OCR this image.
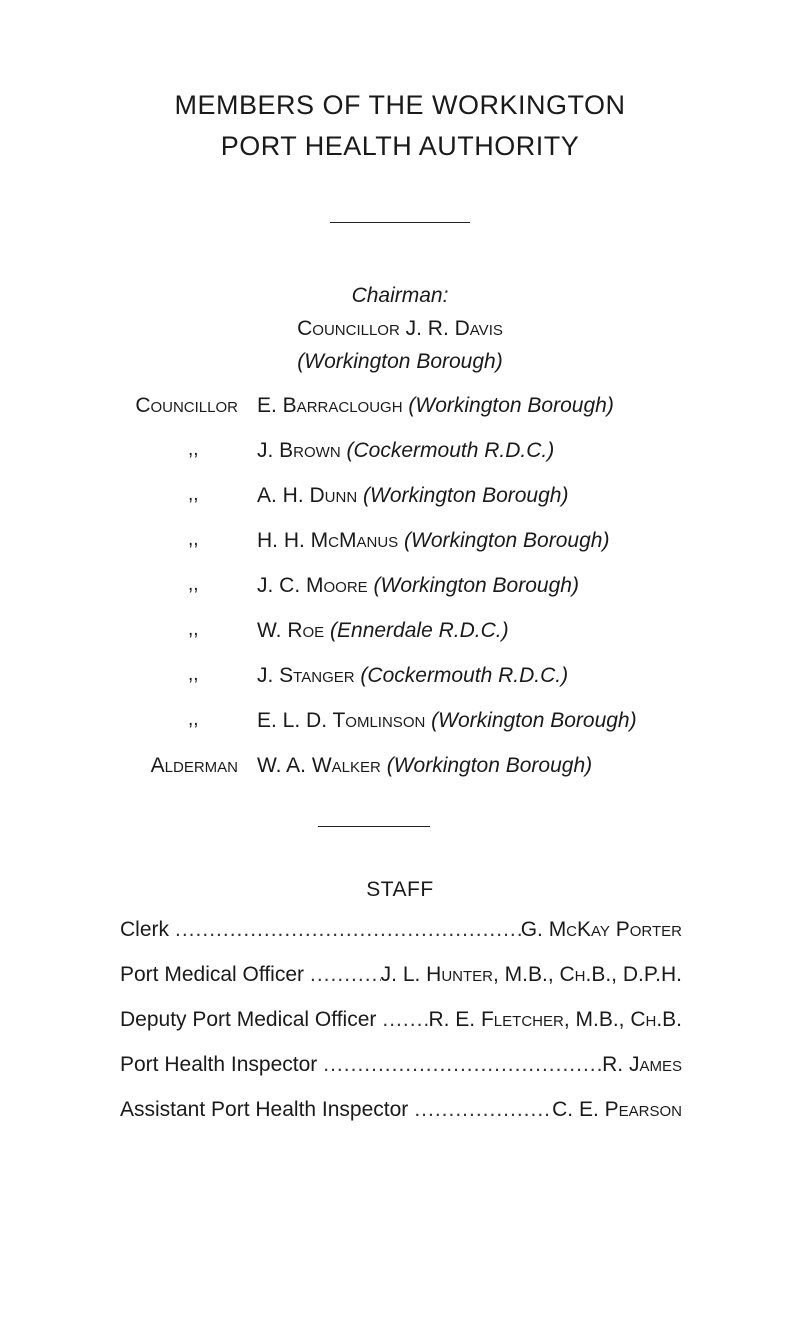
MEMBERS OF THE WORKINGTON
PORT HEALTH AUTHORITY
Chairman:
Councillor J. R. Davis
(Workington Borough)
Councillor E. Barraclough (Workington Borough)
,,	J. Brown (Cockermouth R.D.C.)
,,	A. H. Dunn (Workington Borough)
,,	H. H. McManus (Workington Borough)
,,	J. C. Moore (Workington Borough)
,,	W. Roe (Ennerdale R.D.C.)
,,	J. Stanger (Cockermouth R.D.C.)
,,	E. L. D. Tomlinson (Workington Borough)
Alderman W. A. Walker (Workington Borough)
STAFF
Clerk .....	G. McKay Porter
Port Medical Officer .....	J. L. Hunter, M.B., Ch.B., D.P.H.
Deputy Port Medical Officer ..... R. E. Fletcher, M.B., Ch.B.
Port Health Inspector .....	R. James
Assistant Port Health Inspector .....	C. E. Pearson
